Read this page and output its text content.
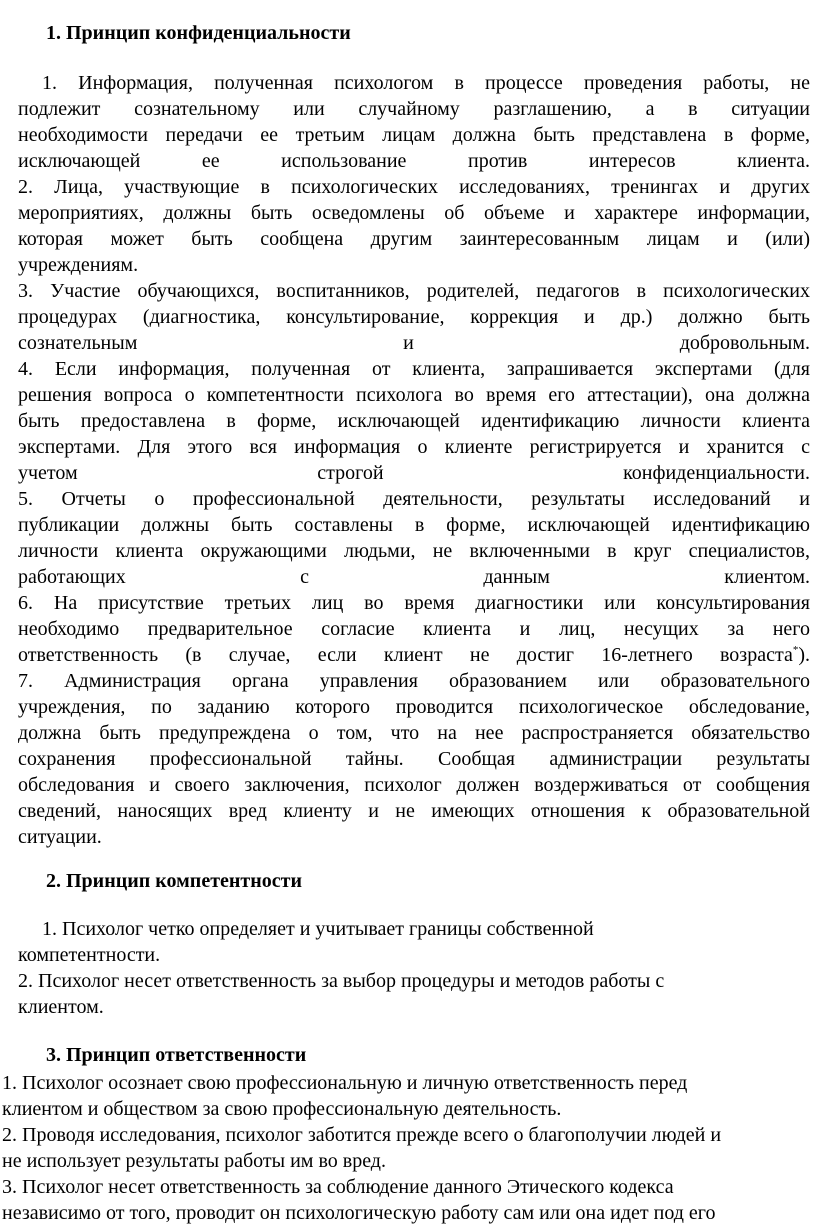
1. Принцип конфиденциальности
1. Информация, полученная психологом в процессе проведения работы, не
подлежит сознательному или случайному разглашению, а в ситуации
необходимости передачи ее третьим лицам должна быть представлена в форме,
исключающей ее использование против интересов клиента.
2. Лица, участвующие в психологических исследованиях, тренингах и других
мероприятиях, должны быть осведомлены об объеме и характере информации,
которая может быть сообщена другим заинтересованным лицам и (или)
учреждениям.
3. Участие обучающихся, воспитанников, родителей, педагогов в психологических
процедурах (диагностика, консультирование, коррекция и др.) должно быть
сознательным и добровольным.
4. Если информация, полученная от клиента, запрашивается экспертами (для
решения вопроса о компетентности психолога во время его аттестации), она должна
быть предоставлена в форме, исключающей идентификацию личности клиента
экспертами. Для этого вся информация о клиенте регистрируется и хранится с
учетом строгой конфиденциальности.
5. Отчеты о профессиональной деятельности, результаты исследований и
публикации должны быть составлены в форме, исключающей идентификацию
личности клиента окружающими людьми, не включенными в круг специалистов,
работающих с данным клиентом.
6. На присутствие третьих лиц во время диагностики или консультирования
необходимо предварительное согласие клиента и лиц, несущих за него
ответственность (в случае, если клиент не достиг 16-летнего возраста*).
7. Администрация органа управления образованием или образовательного
учреждения, по заданию которого проводится психологическое обследование,
должна быть предупреждена о том, что на нее распространяется обязательство
сохранения профессиональной тайны. Сообщая администрации результаты
обследования и своего заключения, психолог должен воздерживаться от сообщения
сведений, наносящих вред клиенту и не имеющих отношения к образовательной
ситуации.
2. Принцип компетентности
1. Психолог четко определяет и учитывает границы собственной
компетентности.
2. Психолог несет ответственность за выбор процедуры и методов работы с
клиентом.
3. Принцип ответственности
1. Психолог осознает свою профессиональную и личную ответственность перед
клиентом и обществом за свою профессиональную деятельность.
2. Проводя исследования, психолог заботится прежде всего о благополучии людей и
не использует результаты работы им во вред.
3. Психолог несет ответственность за соблюдение данного Этического кодекса
независимо от того, проводит он психологическую работу сам или она идет под его
